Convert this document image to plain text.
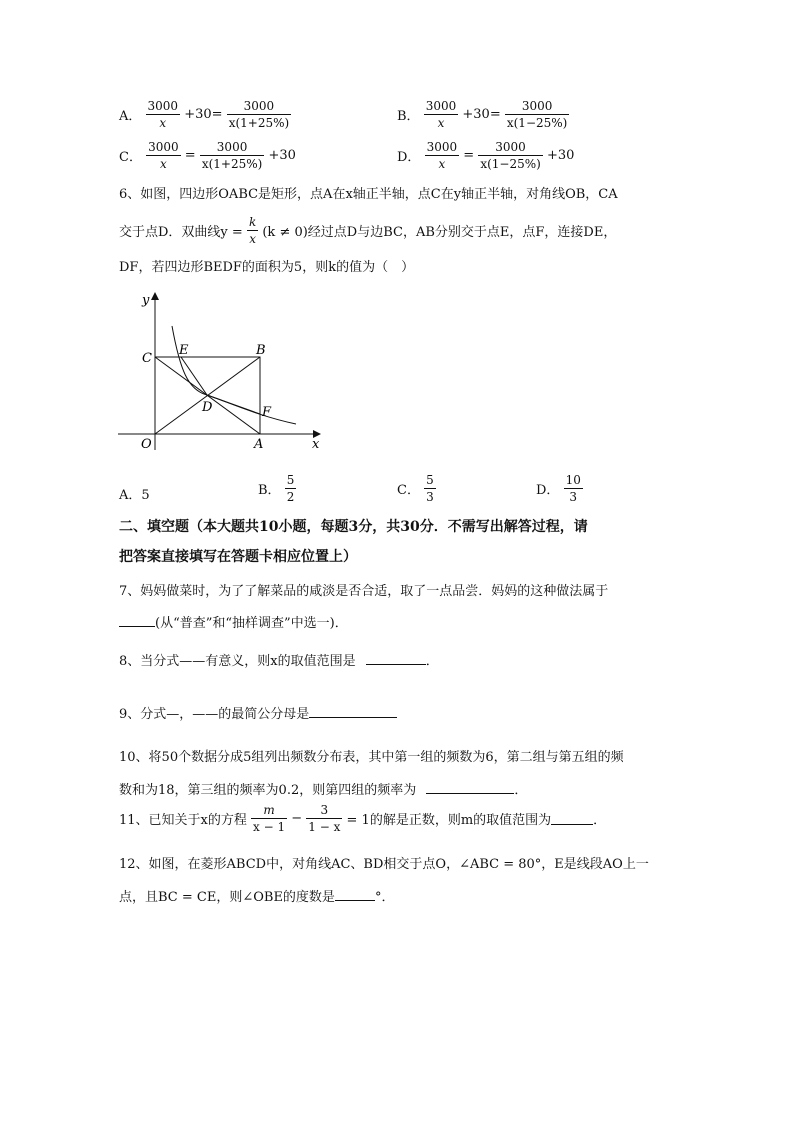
A． $\frac{3000}{x} +30= \frac{3000}{x(1+25\%)}$	B． $\frac{3000}{x} +30= \frac{3000}{x(1-25\%)}$
C． $\frac{3000}{x} = \frac{3000}{x(1+25\%)} +30$	D． $\frac{3000}{x} = \frac{3000}{x(1-25\%)} +30$
6、如图，四边形OABC是矩形，点A在x轴正半轴，点C在y轴正半轴，对角线OB，CA
交于点D．双曲线$y = \frac{k}{x} (k \ne 0)$经过点D与边BC，AB分别交于点E，点F，连接DE，
DF，若四边形BEDF的面积为5，则k的值为（　）
y
x
C
E	B
D	F
O	A
A．5	B． $\frac{5}{2}$	C． $\frac{5}{3}$	D． $\frac{10}{3}$
二、填空题（本大题共10小题，每题3分，共30分．不需写出解答过程，请
把答案直接填写在答题卡相应位置上）
7、妈妈做菜时，为了了解菜品的咸淡是否合适，取了一点品尝．妈妈的这种做法属于
(从“普查”和“抽样调查”中选一)．
8、当分式——有意义，则x的取值范围是	．
9、分式—，——的最简公分母是
10、将50个数据分成5组列出频数分布表，其中第一组的频数为6，第二组与第五组的频
数和为18，第三组的频率为0.2，则第四组的频率为	．
11、已知关于x的方程 $\frac{m}{x - 1} - \frac{3}{1 - x} = 1$的解是正数，则m的取值范围为	．
12、如图，在菱形ABCD中，对角线AC、BD相交于点O，∠ABC = 80°，E是线段AO上一
点，且BC = CE，则∠OBE的度数是	°．
